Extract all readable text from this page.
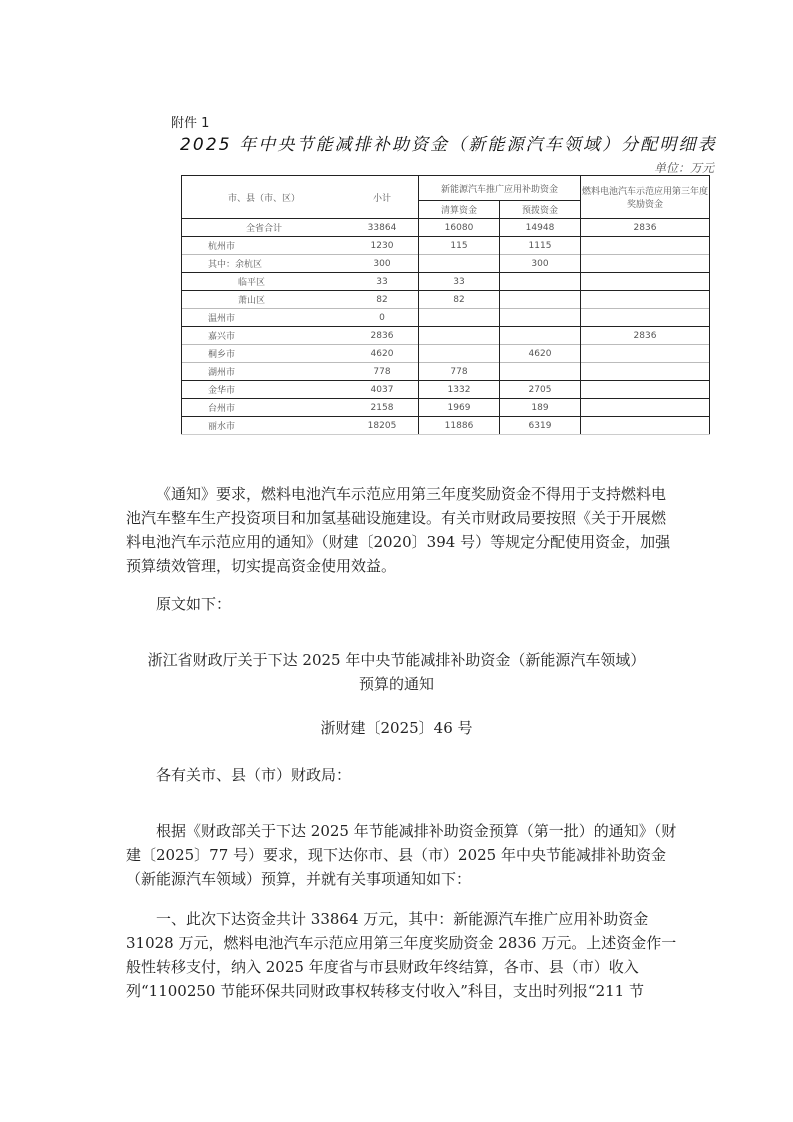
附件 1
2025 年中央节能减排补助资金（新能源汽车领域）分配明细表
单位：万元
市、县（市、区）	小计	新能源汽车推广应用补助资金		燃料电池汽车示范应用第三年度奖励资金
		清算资金	预拨资金	
全省合计	33864	16080	14948	2836
杭州市	1230	115	1115	
其中：余杭区	300		300	
临平区	33	33		
萧山区	82	82		
温州市	0			
嘉兴市	2836			2836
桐乡市	4620		4620	
湖州市	778	778		
金华市	4037	1332	2705	
台州市	2158	1969	189	
丽水市	18205	11886	6319	
《通知》要求，燃料电池汽车示范应用第三年度奖励资金不得用于支持燃料电池汽车整车生产投资项目和加氢基础设施建设。有关市财政局要按照《关于开展燃料电池汽车示范应用的通知》（财建〔2020〕394 号）等规定分配使用资金，加强预算绩效管理，切实提高资金使用效益。
原文如下：
浙江省财政厅关于下达 2025 年中央节能减排补助资金（新能源汽车领域）
预算的通知
浙财建〔2025〕46 号
各有关市、县（市）财政局：
根据《财政部关于下达 2025 年节能减排补助资金预算（第一批）的通知》（财建〔2025〕77 号）要求，现下达你市、县（市）2025 年中央节能减排补助资金（新能源汽车领域）预算，并就有关事项通知如下：
一、此次下达资金共计 33864 万元，其中：新能源汽车推广应用补助资金 31028 万元，燃料电池汽车示范应用第三年度奖励资金 2836 万元。上述资金作一般性转移支付，纳入 2025 年度省与市县财政年终结算，各市、县（市）收入列“1100250 节能环保共同财政事权转移支付收入”科目，支出时列报“211 节
